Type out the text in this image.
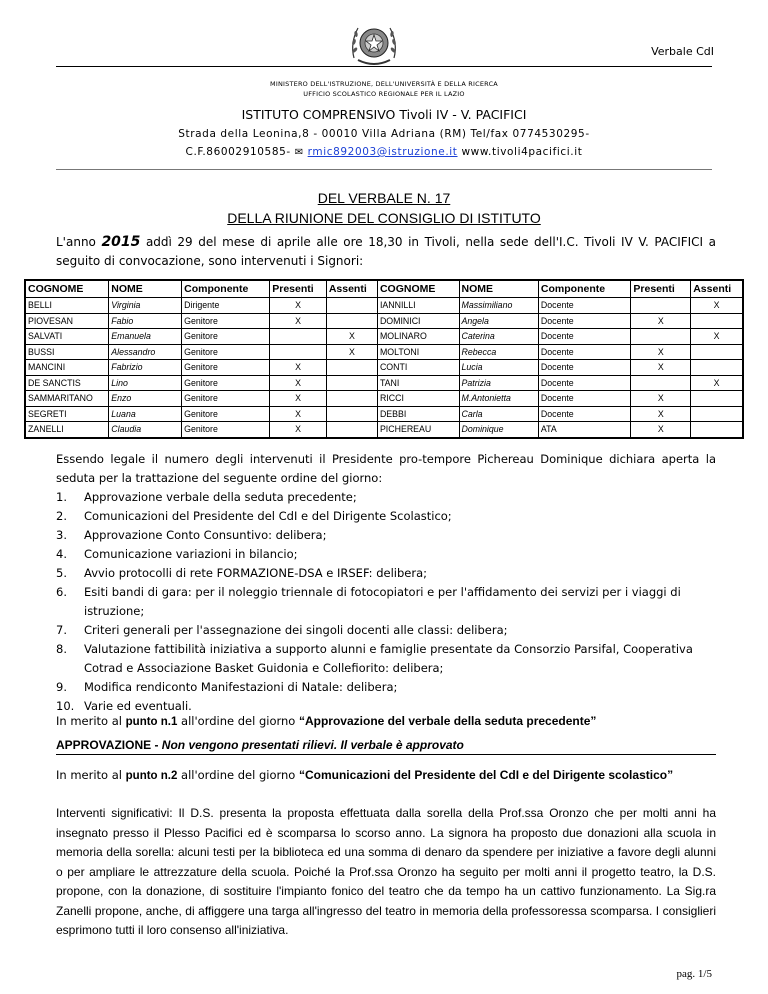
Verbale CdI
MINISTERO DELL'ISTRUZIONE, DELL'UNIVERSITÀ E DELLA RICERCA
UFFICIO SCOLASTICO REGIONALE PER IL LAZIO
ISTITUTO COMPRENSIVO Tivoli IV - V. PACIFICI
Strada della Leonina,8 - 00010 Villa Adriana (RM) Tel/fax 0774530295-
C.F.86002910585- ✉ rmic892003@istruzione.it www.tivoli4pacifici.it
DEL VERBALE N. 17
DELLA RIUNIONE DEL CONSIGLIO DI ISTITUTO
L'anno 2015 addì 29 del mese di aprile alle ore 18,30 in Tivoli, nella sede dell'I.C. Tivoli IV V. PACIFICI a seguito di convocazione, sono intervenuti i Signori:
COGNOME	NOME	Componente	Presenti	Assenti	COGNOME	NOME	Componente	Presenti	Assenti
BELLI	Virginia	Dirigente	X		IANNILLI	Massimiliano	Docente		X
PIOVESAN	Fabio	Genitore	X		DOMINICI	Angela	Docente	X	
SALVATI	Emanuela	Genitore		X	MOLINARO	Caterina	Docente		X
BUSSI	Alessandro	Genitore		X	MOLTONI	Rebecca	Docente	X	
MANCINI	Fabrizio	Genitore	X		CONTI	Lucia	Docente	X	
DE SANCTIS	Lino	Genitore	X		TANI	Patrizia	Docente		X
SAMMARITANO	Enzo	Genitore	X		RICCI	M.Antonietta	Docente	X	
SEGRETI	Luana	Genitore	X		DEBBI	Carla	Docente	X	
ZANELLI	Claudia	Genitore	X		PICHEREAU	Dominique	ATA	X	
Essendo legale il numero degli intervenuti il Presidente pro-tempore Pichereau Dominique dichiara aperta la seduta per la trattazione del seguente ordine del giorno:
1.	Approvazione verbale della seduta precedente;
2.	Comunicazioni del Presidente del CdI e del Dirigente Scolastico;
3.	Approvazione Conto Consuntivo: delibera;
4.	Comunicazione variazioni in bilancio;
5.	Avvio protocolli di rete FORMAZIONE-DSA e IRSEF: delibera;
6.	Esiti bandi di gara: per il noleggio triennale di fotocopiatori e per l'affidamento dei servizi per i viaggi di istruzione;
7.	Criteri generali per l'assegnazione dei singoli docenti alle classi: delibera;
8.	Valutazione fattibilità iniziativa a supporto alunni e famiglie presentate da Consorzio Parsifal, Cooperativa Cotrad e Associazione Basket Guidonia e Collefiorito: delibera;
9.	Modifica rendiconto Manifestazioni di Natale: delibera;
10. Varie ed eventuali.
In merito al punto n.1 all'ordine del giorno “Approvazione del verbale della seduta precedente”
APPROVAZIONE - Non vengono presentati rilievi. Il verbale è approvato
In merito al punto n.2 all'ordine del giorno “Comunicazioni del Presidente del CdI e del Dirigente scolastico”
Interventi significativi: Il D.S. presenta la proposta effettuata dalla sorella della Prof.ssa Oronzo che per molti anni ha insegnato presso il Plesso Pacifici ed è scomparsa lo scorso anno. La signora ha proposto due donazioni alla scuola in memoria della sorella: alcuni testi per la biblioteca ed una somma di denaro da spendere per iniziative a favore degli alunni o per ampliare le attrezzature della scuola. Poiché la Prof.ssa Oronzo ha seguito per molti anni il progetto teatro, la D.S. propone, con la donazione, di sostituire l'impianto fonico del teatro che da tempo ha un cattivo funzionamento. La Sig.ra Zanelli propone, anche, di affiggere una targa all'ingresso del teatro in memoria della professoressa scomparsa. I consiglieri esprimono tutti il loro consenso all'iniziativa.
pag. 1/5
